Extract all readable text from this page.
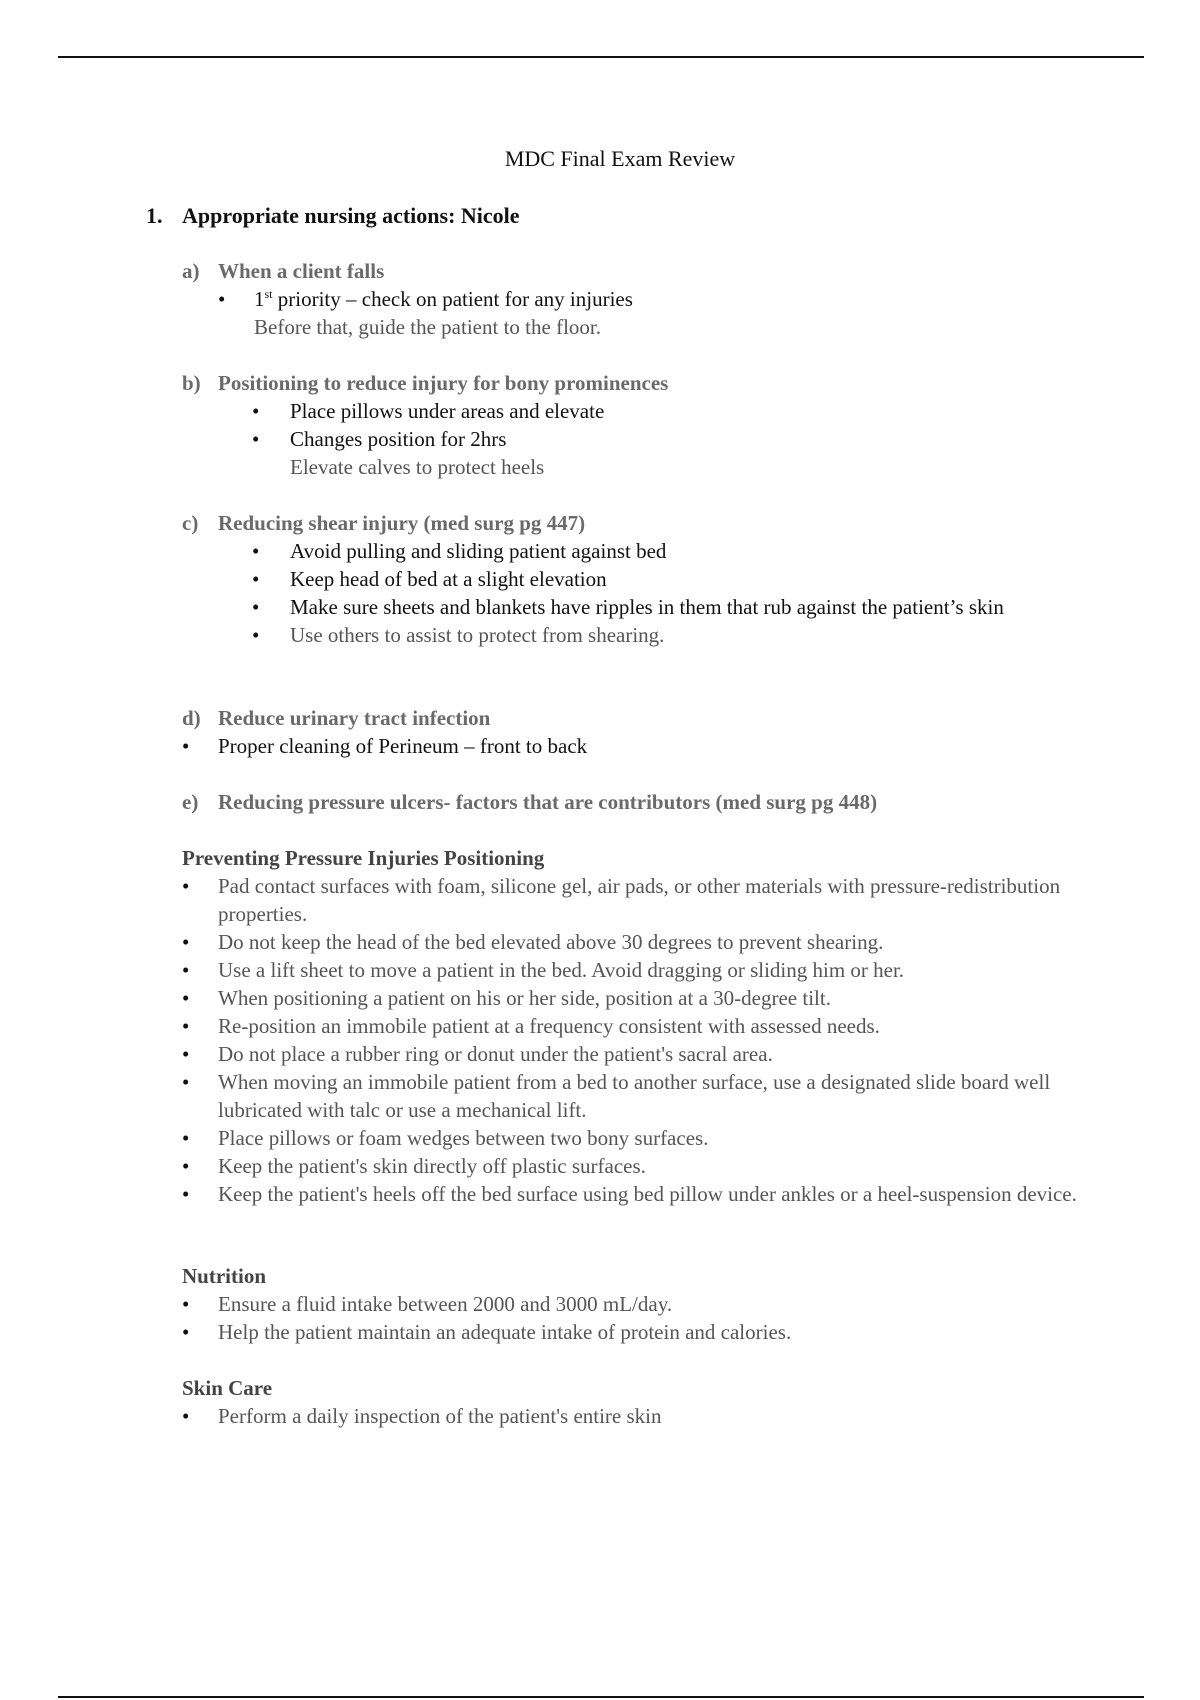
MDC Final Exam Review
1. Appropriate nursing actions: Nicole
a) When a client falls
• 1st priority – check on patient for any injuries
Before that, guide the patient to the floor.
b) Positioning to reduce injury for bony prominences
• Place pillows under areas and elevate
• Changes position for 2hrs
Elevate calves to protect heels
c) Reducing shear injury (med surg pg 447)
• Avoid pulling and sliding patient against bed
• Keep head of bed at a slight elevation
• Make sure sheets and blankets have ripples in them that rub against the patient’s skin
• Use others to assist to protect from shearing.
d) Reduce urinary tract infection
• Proper cleaning of Perineum – front to back
e) Reducing pressure ulcers- factors that are contributors (med surg pg 448)
Preventing Pressure Injuries Positioning
• Pad contact surfaces with foam, silicone gel, air pads, or other materials with pressure-redistribution properties.
• Do not keep the head of the bed elevated above 30 degrees to prevent shearing.
• Use a lift sheet to move a patient in the bed. Avoid dragging or sliding him or her.
• When positioning a patient on his or her side, position at a 30-degree tilt.
• Re-position an immobile patient at a frequency consistent with assessed needs.
• Do not place a rubber ring or donut under the patient's sacral area.
• When moving an immobile patient from a bed to another surface, use a designated slide board well lubricated with talc or use a mechanical lift.
• Place pillows or foam wedges between two bony surfaces.
• Keep the patient's skin directly off plastic surfaces.
• Keep the patient's heels off the bed surface using bed pillow under ankles or a heel-suspension device.
Nutrition
• Ensure a fluid intake between 2000 and 3000 mL/day.
• Help the patient maintain an adequate intake of protein and calories.
Skin Care
• Perform a daily inspection of the patient's entire skin
